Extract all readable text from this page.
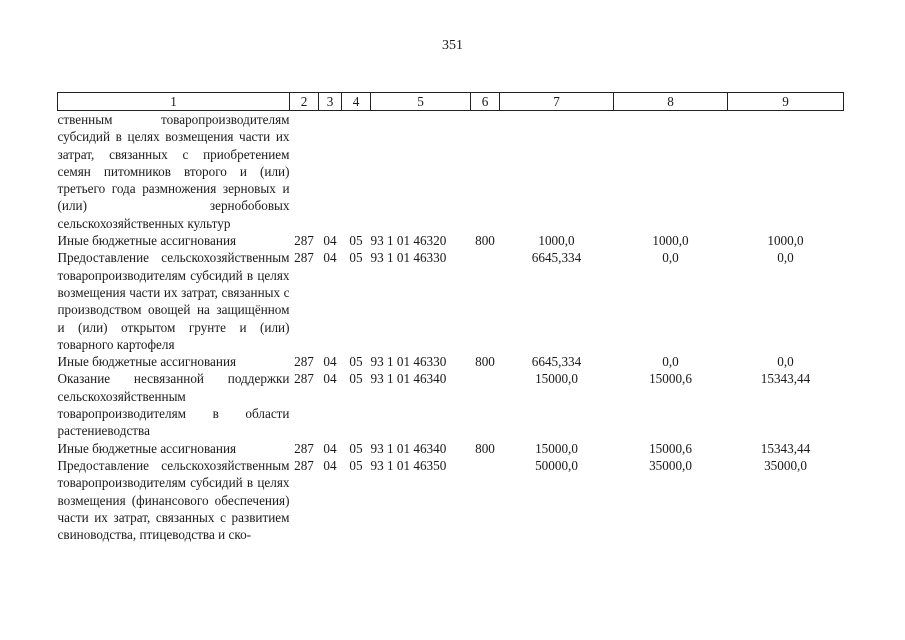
351
1	2	3	4	5	6	7	8	9
ственным товаропроизводителям субсидий в целях возмещения части их затрат, связанных с приобретением семян питомников второго и (или) третьего года размножения зерновых и (или) зернобобовых сельскохозяйственных культур								
Иные бюджетные ассигнования	287	04	05	93 1 01 46320	800	1000,0	1000,0	1000,0
Предоставление сельскохозяйственным товаропроизводителям субсидий в целях возмещения части их затрат, связанных с производством овощей на защищённом и (или) открытом грунте и (или) товарного картофеля	287	04	05	93 1 01 46330		6645,334	0,0	0,0
Иные бюджетные ассигнования	287	04	05	93 1 01 46330	800	6645,334	0,0	0,0
Оказание несвязанной поддержки сельскохозяйственным товаропроизводителям в области растениеводства	287	04	05	93 1 01 46340		15000,0	15000,6	15343,44
Иные бюджетные ассигнования	287	04	05	93 1 01 46340	800	15000,0	15000,6	15343,44
Предоставление сельскохозяйственным товаропроизводителям субсидий в целях возмещения (финансового обеспечения) части их затрат, связанных с развитием свиноводства, птицеводства и ско-	287	04	05	93 1 01 46350		50000,0	35000,0	35000,0
